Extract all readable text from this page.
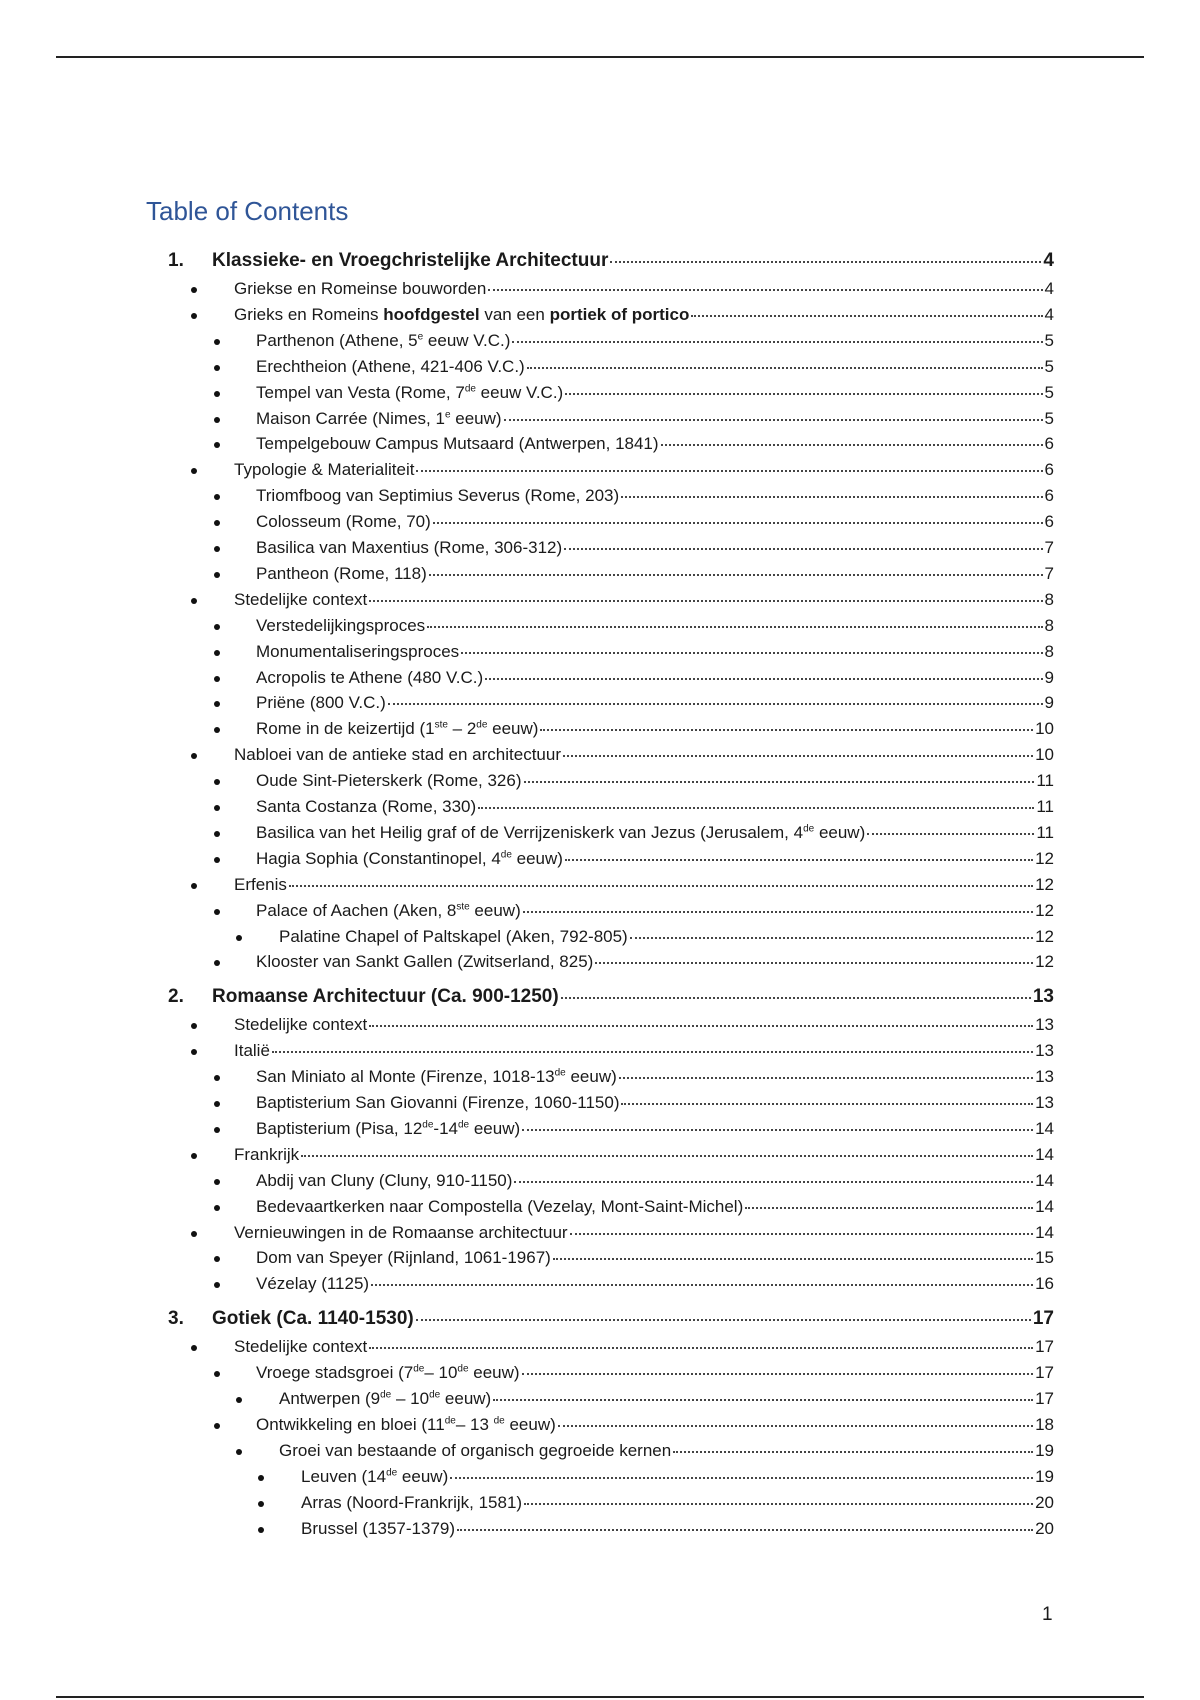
Table of Contents
1. Klassieke- en Vroegchristelijke Architectuur	4
Griekse en Romeinse bouworden	4
Grieks en Romeins hoofdgestel van een portiek of portico	4
Parthenon (Athene, 5e eeuw V.C.)	5
Erechtheion (Athene, 421-406 V.C.)	5
Tempel van Vesta (Rome, 7de eeuw V.C.)	5
Maison Carrée (Nimes, 1e eeuw)	5
Tempelgebouw Campus Mutsaard (Antwerpen, 1841)	6
Typologie & Materialiteit	6
Triomfboog van Septimius Severus (Rome, 203)	6
Colosseum (Rome, 70)	6
Basilica van Maxentius (Rome, 306-312)	7
Pantheon (Rome, 118)	7
Stedelijke context	8
Verstedelijkingsproces	8
Monumentaliseringsproces	8
Acropolis te Athene (480 V.C.)	9
Priëne (800 V.C.)	9
Rome in de keizertijd (1ste – 2de eeuw)	10
Nabloei van de antieke stad en architectuur	10
Oude Sint-Pieterskerk (Rome, 326)	11
Santa Costanza (Rome, 330)	11
Basilica van het Heilig graf of de Verrijzeniskerk van Jezus (Jerusalem, 4de eeuw)	11
Hagia Sophia (Constantinopel, 4de eeuw)	12
Erfenis	12
Palace of Aachen (Aken, 8ste eeuw)	12
Palatine Chapel of Paltskapel (Aken, 792-805)	12
Klooster van Sankt Gallen (Zwitserland, 825)	12
2. Romaanse Architectuur (Ca. 900-1250)	13
Stedelijke context	13
Italië	13
San Miniato al Monte (Firenze, 1018-13de eeuw)	13
Baptisterium San Giovanni (Firenze, 1060-1150)	13
Baptisterium (Pisa, 12de-14de eeuw)	14
Frankrijk	14
Abdij van Cluny (Cluny, 910-1150)	14
Bedevaartkerken naar Compostella (Vezelay, Mont-Saint-Michel)	14
Vernieuwingen in de Romaanse architectuur	14
Dom van Speyer (Rijnland, 1061-1967)	15
Vézelay (1125)	16
3. Gotiek (Ca. 1140-1530)	17
Stedelijke context	17
Vroege stadsgroei (7de– 10de eeuw)	17
Antwerpen (9de – 10de eeuw)	17
Ontwikkeling en bloei (11de– 13 $^{de}$ eeuw)	18
Groei van bestaande of organisch gegroeide kernen	19
Leuven (14de eeuw)	19
Arras (Noord-Frankrijk, 1581)	20
Brussel (1357-1379)	20
1
